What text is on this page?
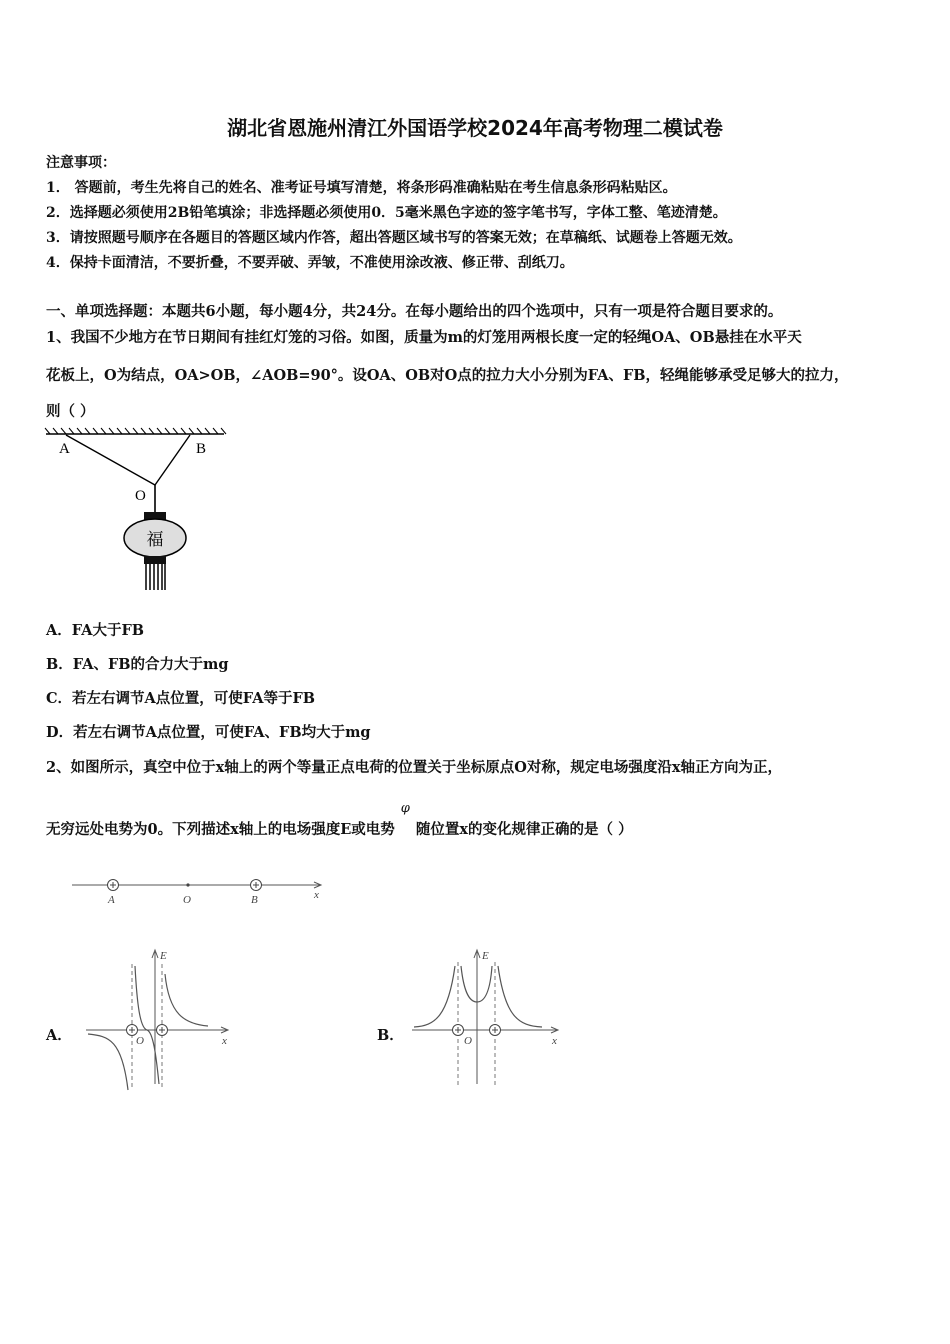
湖北省恩施州清江外国语学校2024年高考物理二模试卷
注意事项：
1． 答题前，考生先将自己的姓名、准考证号填写清楚，将条形码准确粘贴在考生信息条形码粘贴区。
2．选择题必须使用2B铅笔填涂；非选择题必须使用0．5毫米黑色字迹的签字笔书写，字体工整、笔迹清楚。
3．请按照题号顺序在各题目的答题区域内作答，超出答题区域书写的答案无效；在草稿纸、试题卷上答题无效。
4．保持卡面清洁，不要折叠，不要弄破、弄皱，不准使用涂改液、修正带、刮纸刀。
一、单项选择题：本题共6小题，每小题4分，共24分。在每小题给出的四个选项中，只有一项是符合题目要求的。
1、我国不少地方在节日期间有挂红灯笼的习俗。如图，质量为m的灯笼用两根长度一定的轻绳OA、OB悬挂在水平天
花板上，O为结点，OA>OB，∠AOB=90°。设OA、OB对O点的拉力大小分别为FA、FB，轻绳能够承受足够大的拉力，
则（ ）
A	B
O
福
A．FA大于FB
B．FA、FB的合力大于mg
C．若左右调节A点位置，可使FA等于FB
D．若左右调节A点位置，可使FA、FB均大于mg
2、如图所示，真空中位于x轴上的两个等量正点电荷的位置关于坐标原点O对称，规定电场强度沿x轴正方向为正，
无穷远处电势为0。下列描述x轴上的电场强度E或电势φ随位置x的变化规律正确的是（ ）
A	O	B	x
A．	B．
E
O	x
E
O	x
